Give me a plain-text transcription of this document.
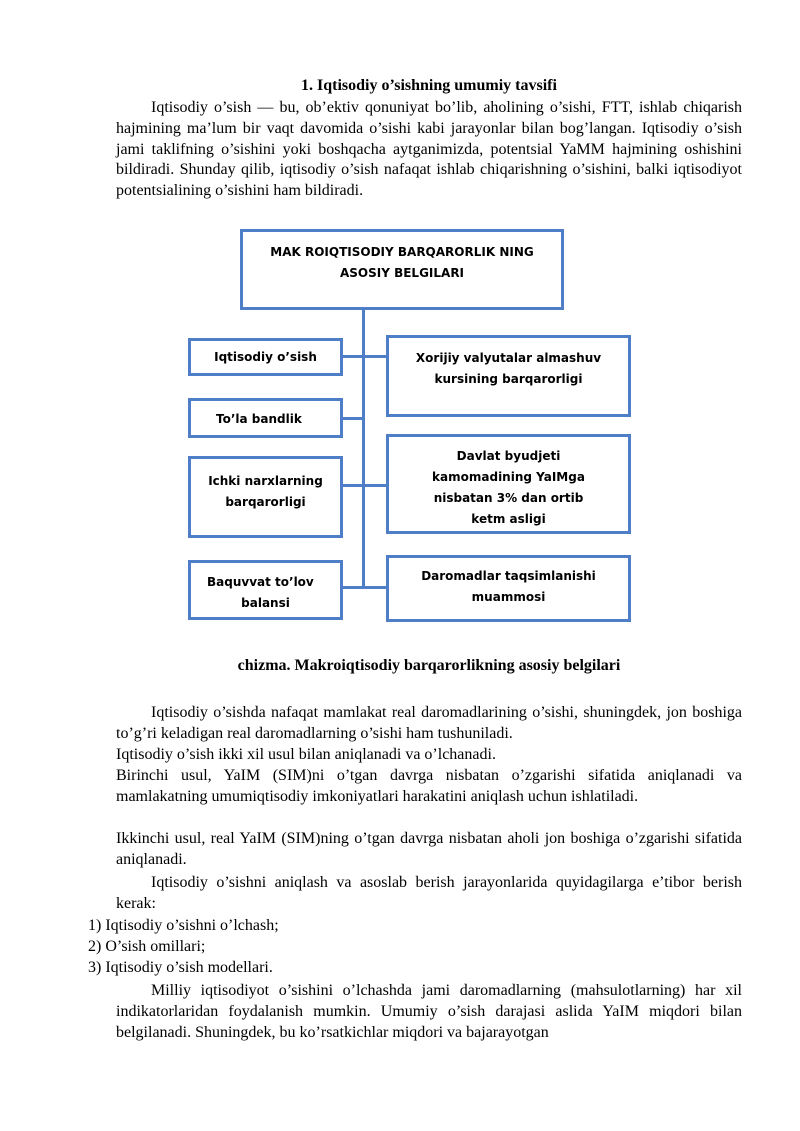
1. Iqtisodiy o’sishning umumiy tavsifi

Iqtisodiy o’sish — bu, ob’ektiv qonuniyat bo’lib, aholining o’sishi, FTT, ishlab chiqarish hajmining ma’lum bir vaqt davomida o’sishi kabi jarayonlar bilan bog’langan. Iqtisodiy o’sish jami taklifning o’sishini yoki boshqacha aytganimizda, potentsial YaMM hajmining oshishini bildiradi. Shunday qilib, iqtisodiy o’sish nafaqat ishlab chiqarishning o’sishini, balki iqtisodiyot potentsialining o’sishini ham bildiradi.

MAK ROIQTISODIY BARQARORLIK NING
ASOSIY BELGILARI
Iqtisodiy o’sish
To’la bandlik
Ichki narxlarning
barqarorligi
Baquvvat to’lov
balansi
Xorijiy valyutalar almashuv
kursining barqarorligi
Davlat byudjeti
kamomadining YaIMga
nisbatan 3% dan ortib
ketm asligi
Daromadlar taqsimlanishi
muammosi

chizma. Makroiqtisodiy barqarorlikning asosiy belgilari

Iqtisodiy o’sishda nafaqat mamlakat real daromadlarining o’sishi, shuningdek, jon boshiga to’g’ri keladigan real daromadlarning o’sishi ham tushuniladi.

Iqtisodiy o’sish ikki xil usul bilan aniqlanadi va o’lchanadi.

Birinchi usul, YaIM (SIM)ni o’tgan davrga nisbatan o’zgarishi sifatida aniqlanadi va mamlakatning umumiqtisodiy imkoniyatlari harakatini aniqlash uchun ishlatiladi.

Ikkinchi usul, real YaIM (SIM)ning o’tgan davrga nisbatan aholi jon boshiga o’zgarishi sifatida aniqlanadi.

Iqtisodiy o’sishni aniqlash va asoslab berish jarayonlarida quyidagilarga e’tibor berish kerak:

1) Iqtisodiy o’sishni o’lchash;

2) O’sish omillari;

3) Iqtisodiy o’sish modellari.

Milliy iqtisodiyot o’sishini o’lchashda jami daromadlarning (mahsulotlarning) har xil indikatorlaridan foydalanish mumkin. Umumiy o’sish darajasi aslida YaIM miqdori bilan belgilanadi. Shuningdek, bu ko’rsatkichlar miqdori va bajarayotgan
